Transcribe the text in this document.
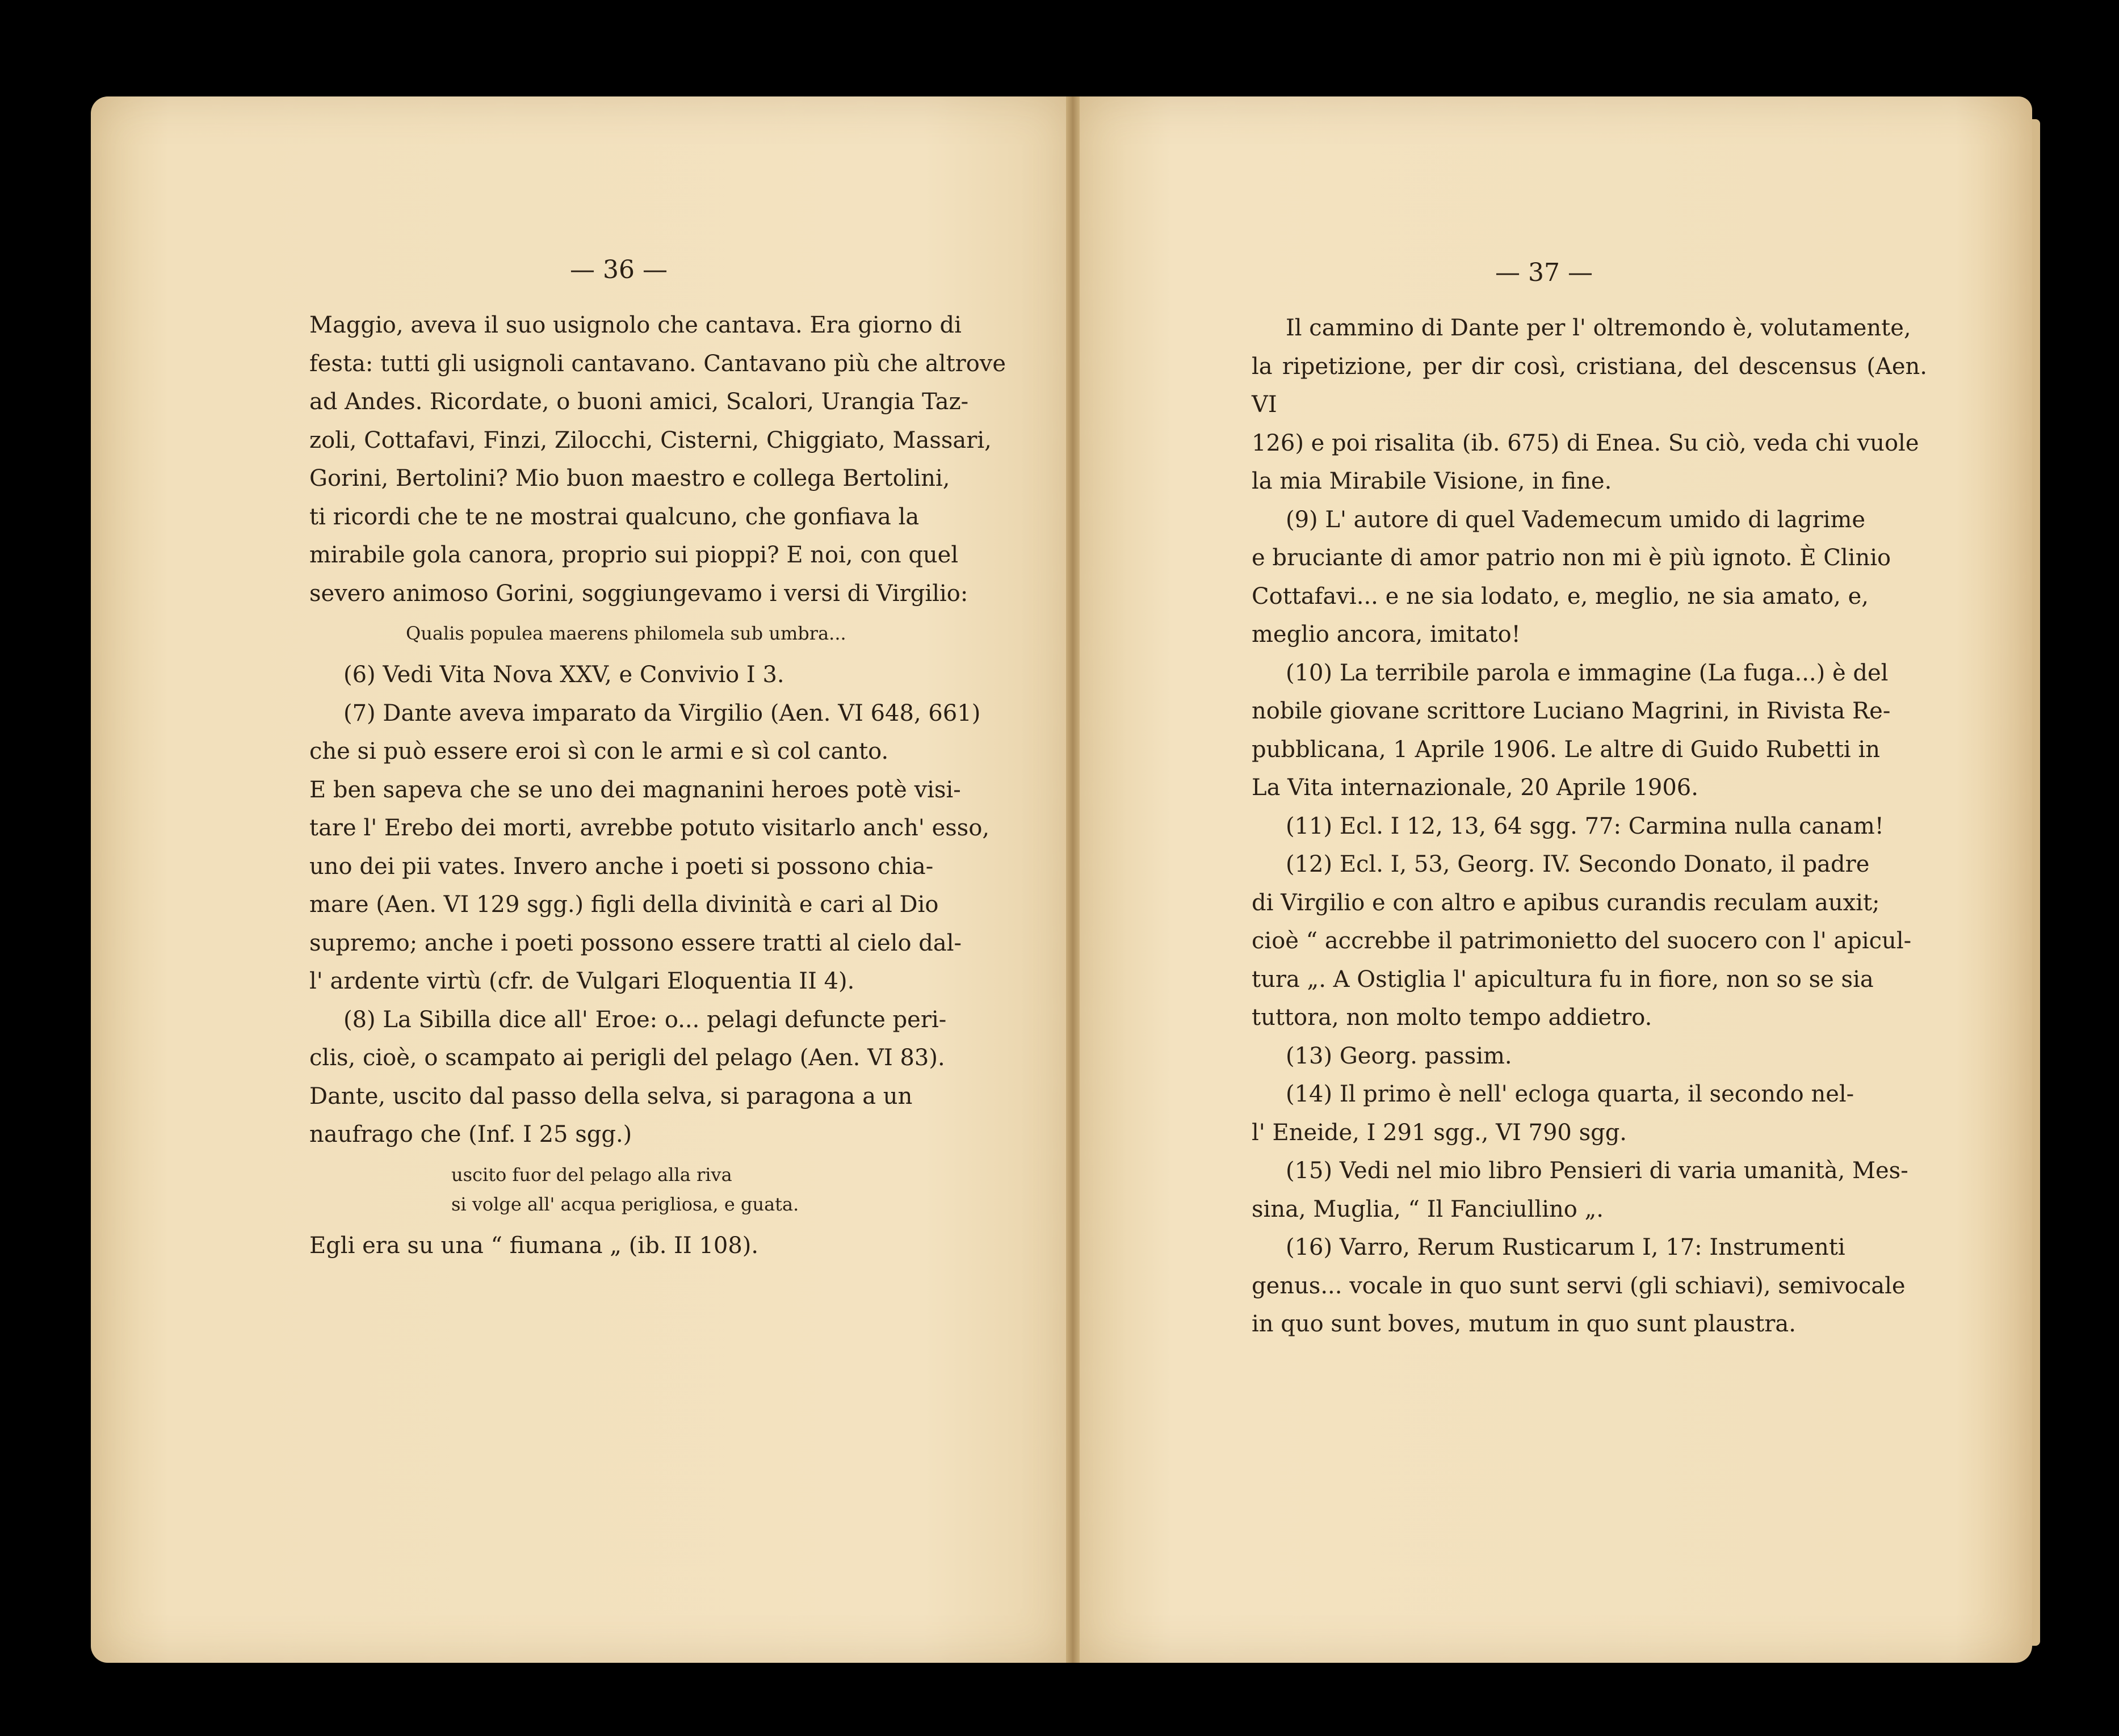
— 36 —

Maggio, aveva il suo usignolo che cantava. Era giorno di

festa: tutti gli usignoli cantavano. Cantavano più che altrove

ad Andes. Ricordate, o buoni amici, Scalori, Urangia Taz-

zoli, Cottafavi, Finzi, Zilocchi, Cisterni, Chiggiato, Massari,

Gorini, Bertolini? Mio buon maestro e collega Bertolini,

ti ricordi che te ne mostrai qualcuno, che gonfiava la

mirabile gola canora, proprio sui pioppi? E noi, con quel

severo animoso Gorini, soggiungevamo i versi di Virgilio:

Qualis populea maerens philomela sub umbra...

(6) Vedi Vita Nova XXV, e Convivio I 3.

(7) Dante aveva imparato da Virgilio (Aen. VI 648, 661)

che si può essere eroi sì con le armi e sì col canto.

E ben sapeva che se uno dei magnanini heroes potè visi-

tare l' Erebo dei morti, avrebbe potuto visitarlo anch' esso,

uno dei pii vates. Invero anche i poeti si possono chia-

mare (Aen. VI 129 sgg.) figli della divinità e cari al Dio

supremo; anche i poeti possono essere tratti al cielo dal-

l' ardente virtù (cfr. de Vulgari Eloquentia II 4).

(8) La Sibilla dice all' Eroe: o... pelagi defuncte peri-

clis, cioè, o scampato ai perigli del pelago (Aen. VI 83).

Dante, uscito dal passo della selva, si paragona a un

naufrago che (Inf. I 25 sgg.)

uscito fuor del pelago alla riva
si volge all' acqua perigliosa, e guata.

Egli era su una “ fiumana „ (ib. II 108).

— 37 —

Il cammino di Dante per l' oltremondo è, volutamente,

la ripetizione, per dir così, cristiana, del descensus (Aen. VI

126) e poi risalita (ib. 675) di Enea. Su ciò, veda chi vuole

la mia Mirabile Visione, in fine.

(9) L' autore di quel Vademecum umido di lagrime

e bruciante di amor patrio non mi è più ignoto. È Clinio

Cottafavi... e ne sia lodato, e, meglio, ne sia amato, e,

meglio ancora, imitato!

(10) La terribile parola e immagine (La fuga...) è del

nobile giovane scrittore Luciano Magrini, in Rivista Re-

pubblicana, 1 Aprile 1906. Le altre di Guido Rubetti in

La Vita internazionale, 20 Aprile 1906.

(11) Ecl. I 12, 13, 64 sgg. 77: Carmina nulla canam!

(12) Ecl. I, 53, Georg. IV. Secondo Donato, il padre

di Virgilio e con altro e apibus curandis reculam auxit;

cioè “ accrebbe il patrimonietto del suocero con l' apicul-

tura „. A Ostiglia l' apicultura fu in fiore, non so se sia

tuttora, non molto tempo addietro.

(13) Georg. passim.

(14) Il primo è nell' ecloga quarta, il secondo nel-

l' Eneide, I 291 sgg., VI 790 sgg.

(15) Vedi nel mio libro Pensieri di varia umanità, Mes-

sina, Muglia, “ Il Fanciullino „.

(16) Varro, Rerum Rusticarum I, 17: Instrumenti

genus... vocale in quo sunt servi (gli schiavi), semivocale

in quo sunt boves, mutum in quo sunt plaustra.
